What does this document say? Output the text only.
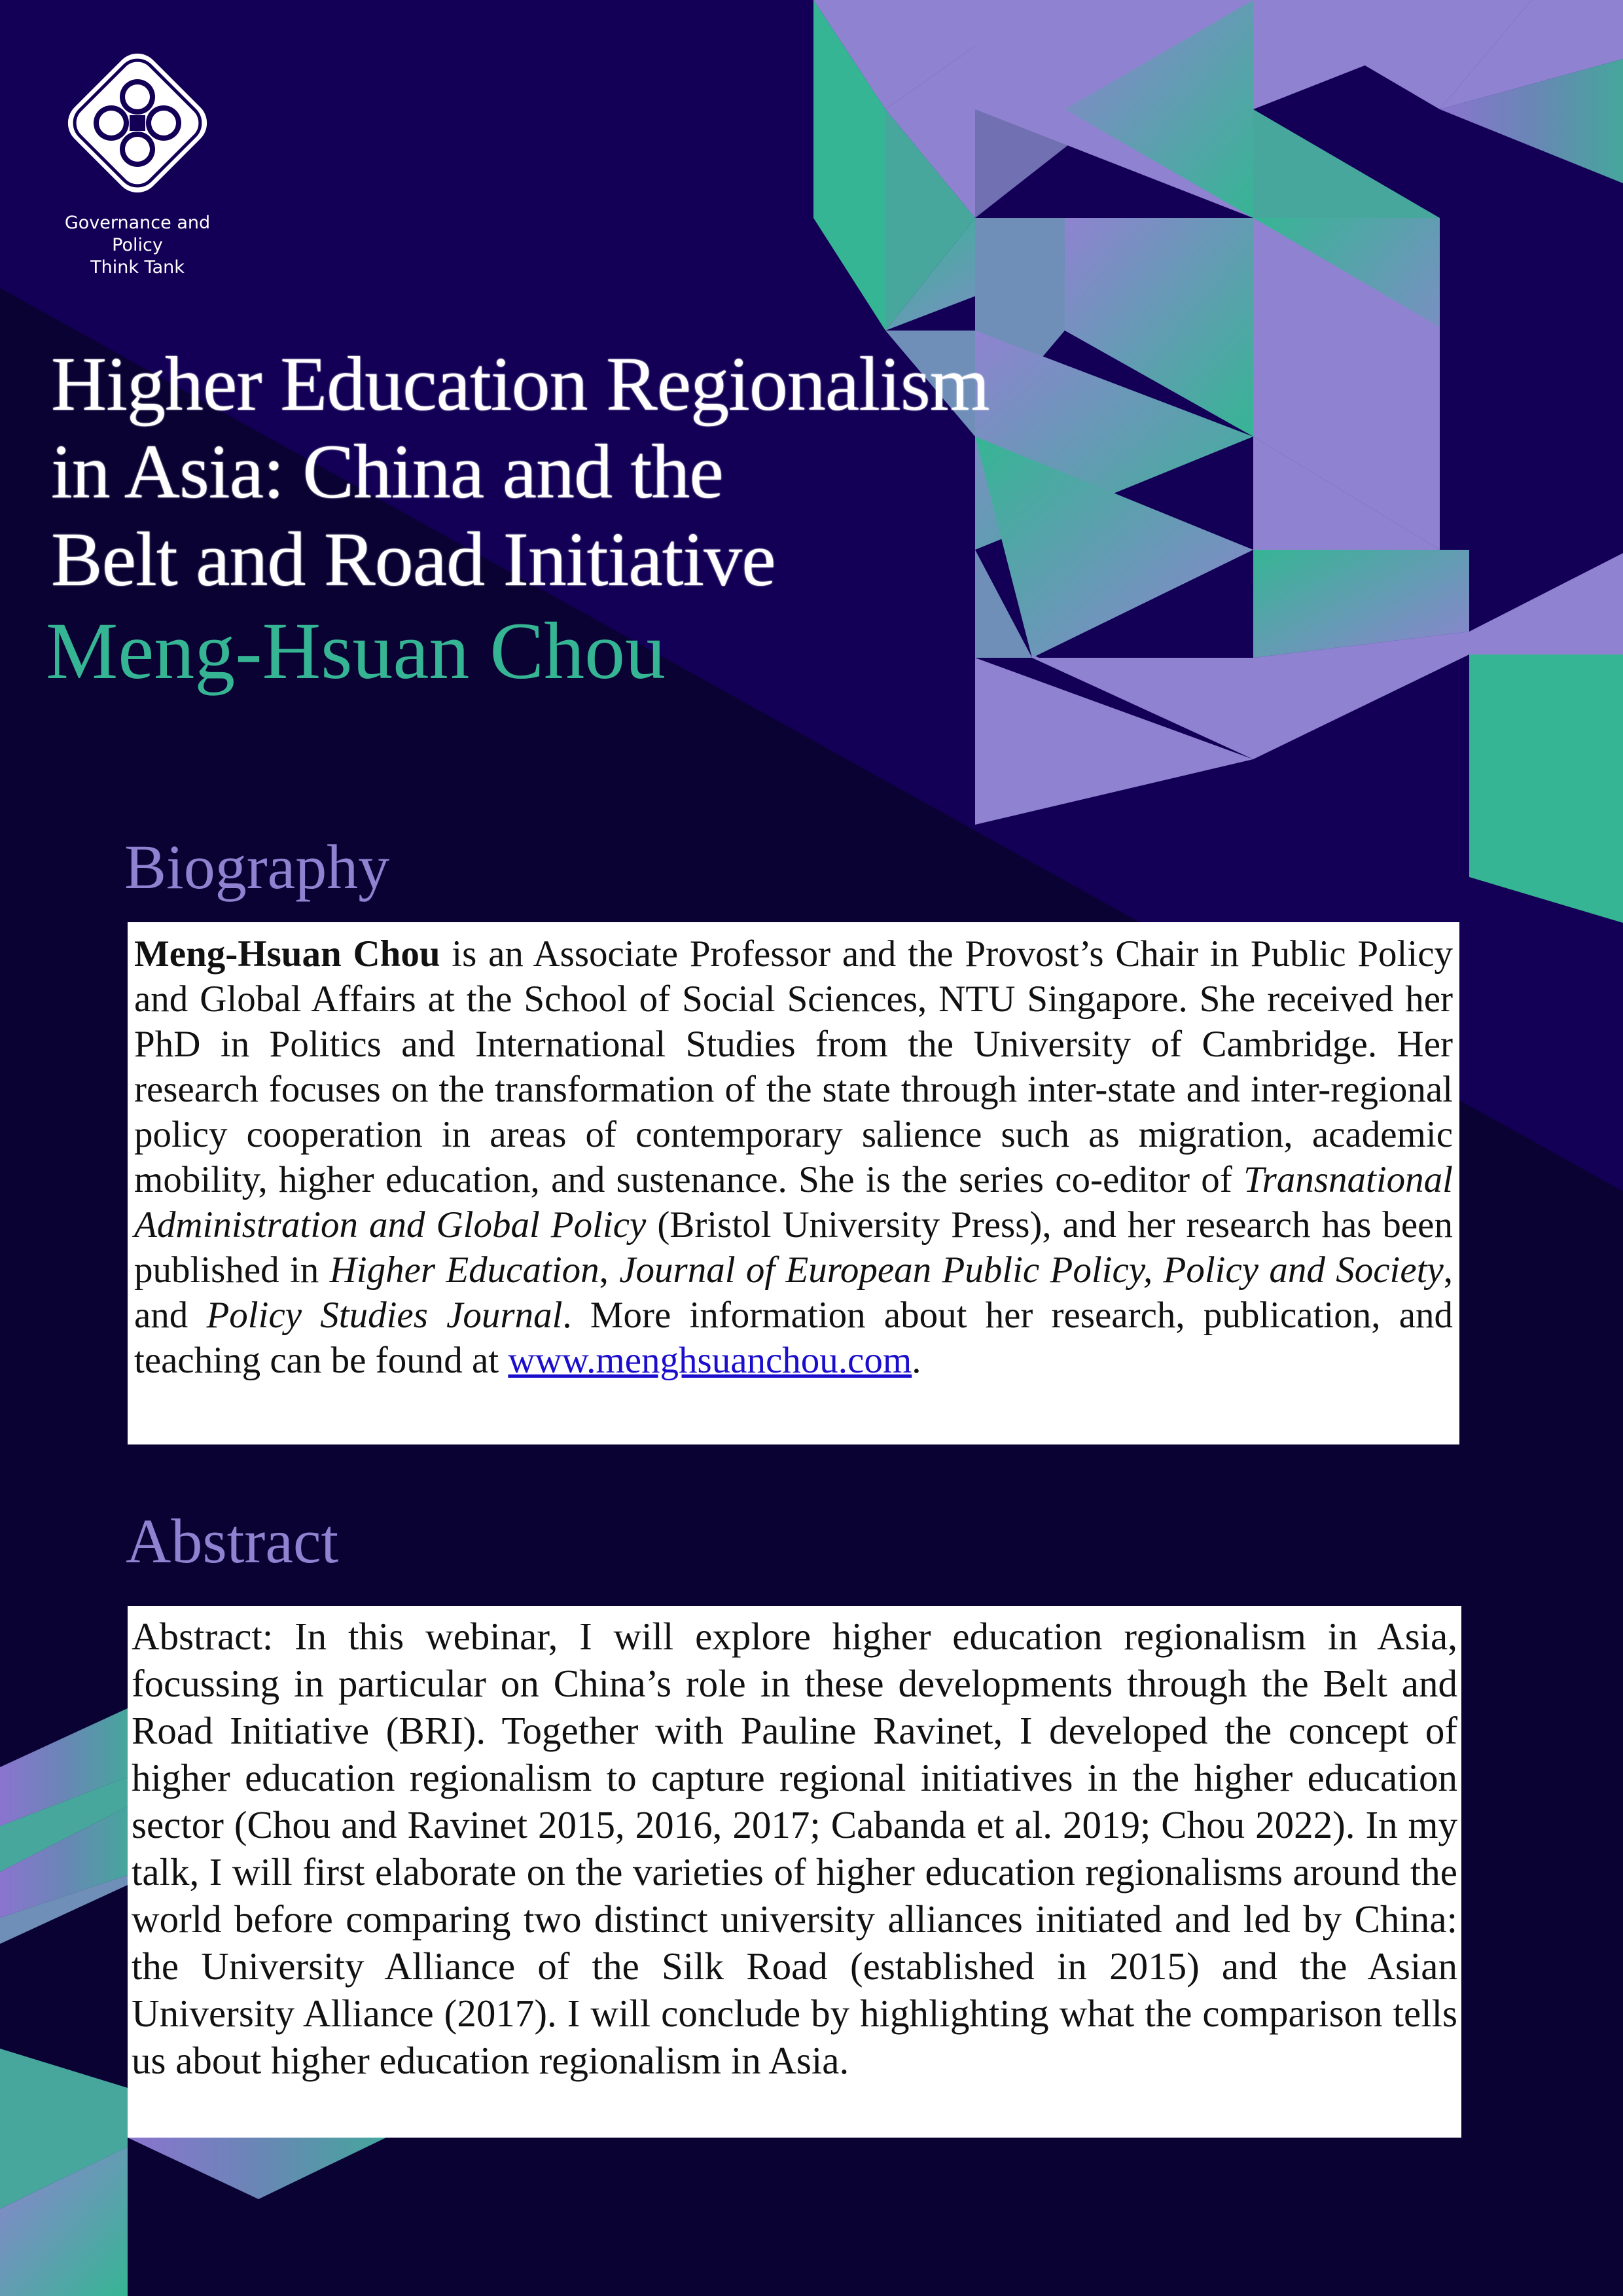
Governance and Policy
Think Tank
Higher Education Regionalism
in Asia: China and the
Belt and Road Initiative
Meng-Hsuan Chou
Biography
Meng-Hsuan Chou is an Associate Professor and the Provost’s Chair in Public Policy and Global Affairs at the School of Social Sciences, NTU Singapore. She received her PhD in Politics and International Studies from the University of Cambridge. Her research focuses on the transformation of the state through inter-state and inter-regional policy cooperation in areas of contemporary salience such as migration, academic mobility, higher education, and sustenance. She is the series co-editor of Transnational Administration and Global Policy (Bristol University Press), and her research has been published in Higher Education, Journal of European Public Policy, Policy and Society, and Policy Studies Journal. More information about her research, publication, and teaching can be found at www.menghsuanchou.com.
Abstract
Abstract: In this webinar, I will explore higher education regionalism in Asia, focussing in particular on China’s role in these developments through the Belt and Road Initiative (BRI). Together with Pauline Ravinet, I developed the concept of higher education regionalism to capture regional initiatives in the higher education sector (Chou and Ravinet 2015, 2016, 2017; Cabanda et al. 2019; Chou 2022). In my talk, I will first elaborate on the varieties of higher education regionalisms around the world before comparing two distinct university alliances initiated and led by China: the University Alliance of the Silk Road (established in 2015) and the Asian University Alliance (2017). I will conclude by highlighting what the comparison tells us about higher education regionalism in Asia.
